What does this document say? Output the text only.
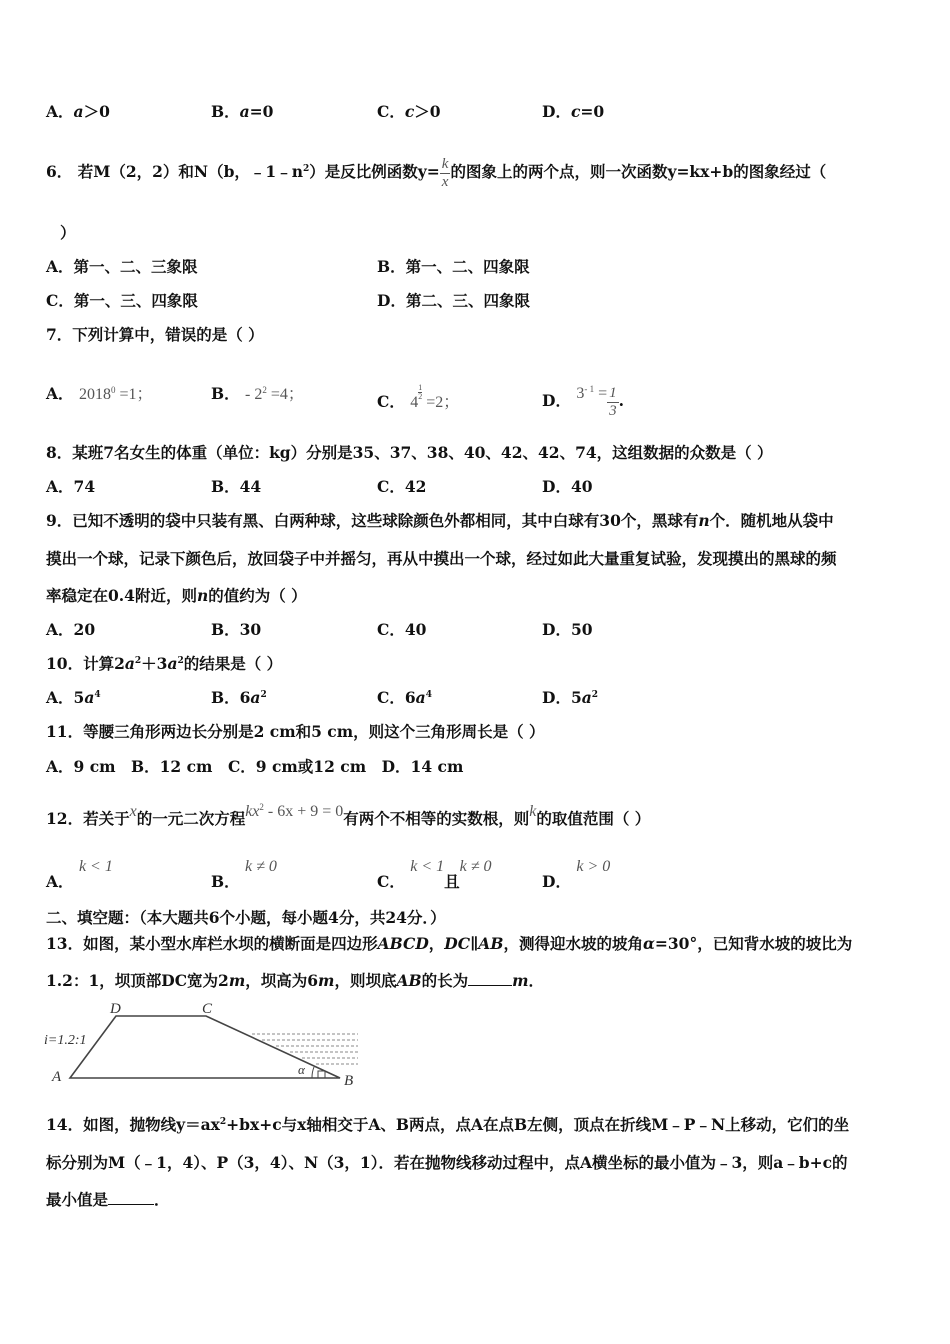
A．a＞0	B．a=0	C．c＞0	D．c=0
6． 若M（2，2）和N（b，$﹣1﹣n^2$）是反比例函数$y= \frac{k}{x}$ 的图象上的两个点，则一次函数y=kx+b的图象经过（
）
A．第一、二、三象限	B．第一、二、四象限
C．第一、三、四象限	D．第二、三、四象限
7．下列计算中，错误的是（ ）
A． $2018^0 =1$；	B． - $2^2 =4$；	C． 4
$\frac{1}{2}$
=2；	D． $3^{- 1} = \frac{1}{3}$ .
8．某班7名女生的体重（单位：kg）分别是35、37、38、40、42、42、74，这组数据的众数是（ ）
A．74	B．44	C．42	D．40
9．已知不透明的袋中只装有黑、白两种球，这些球除颜色外都相同，其中白球有30个，黑球有n个．随机地从袋中
摸出一个球，记录下颜色后，放回袋子中并摇匀，再从中摸出一个球，经过如此大量重复试验，发现摸出的黑球的频
率稳定在0.4附近，则n的值约为（ ）
A．20	B．30	C．40	D．50
10．计算$2a^2+3a^2$的结果是（ ）
A．$5a^4$	B．$6a^2$	C．$6a^4$	D．$5a^2$
11．等腰三角形两边长分别是2 cm和5 cm，则这个三角形周长是（ ）
A．9 cm　B．12 cm　C．9 cm或12 cm　D．14 cm
12．若关于x的一元二次方程$kx^2 - 6x + 9 = 0$有两个不相等的实数根，则k的取值范围（ ）
A． k < 1
B． k ≠ 0
C． k < 1且k ≠ 0
D． k > 0
二、填空题：（本大题共6个小题，每小题4分，共24分．）
13．如图，某小型水库栏水坝的横断面是四边形ABCD，DC∥AB，测得迎水坡的坡角α=30°，已知背水坡的坡比为
1.2：1，坝顶部DC宽为2m，坝高为6m，则坝底AB的长为	m．
D	C
A	B
α
i=1.2:1
14．如图，抛物线$y=ax^2+bx+c$与x轴相交于A、B两点，点A在点B左侧，顶点在折线M﹣P﹣N上移动，它们的坐
标分别为M（﹣1，4）、P（3，4）、N（3，1）．若在抛物线移动过程中，点A横坐标的最小值为﹣3，则a﹣b+c的
最小值是	．
